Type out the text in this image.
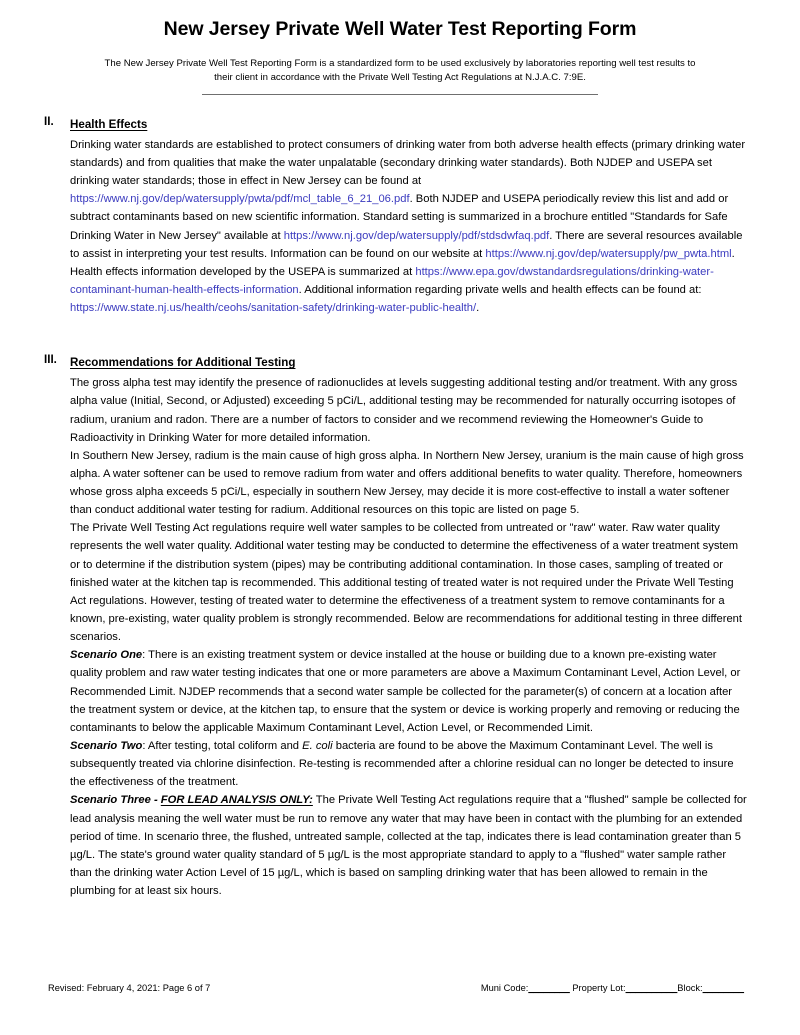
New Jersey Private Well Water Test Reporting Form

The New Jersey Private Well Test Reporting Form is a standardized form to be used exclusively by laboratories reporting well test results to their client in accordance with the Private Well Testing Act Regulations at N.J.A.C. 7:9E.

II. Health Effects

Drinking water standards are established to protect consumers of drinking water from both adverse health effects (primary drinking water standards) and from qualities that make the water unpalatable (secondary drinking water standards). Both NJDEP and USEPA set drinking water standards; those in effect in New Jersey can be found at https://www.nj.gov/dep/watersupply/pwta/pdf/mcl_table_6_21_06.pdf. Both NJDEP and USEPA periodically review this list and add or subtract contaminants based on new scientific information. Standard setting is summarized in a brochure entitled "Standards for Safe Drinking Water in New Jersey" available at https://www.nj.gov/dep/watersupply/pdf/stdsdwfaq.pdf. There are several resources available to assist in interpreting your test results. Information can be found on our website at https://www.nj.gov/dep/watersupply/pw_pwta.html. Health effects information developed by the USEPA is summarized at https://www.epa.gov/dwstandardsregulations/drinking-water-contaminant-human-health-effects-information. Additional information regarding private wells and health effects can be found at: https://www.state.nj.us/health/ceohs/sanitation-safety/drinking-water-public-health/.

III. Recommendations for Additional Testing

The gross alpha test may identify the presence of radionuclides at levels suggesting additional testing and/or treatment. With any gross alpha value (Initial, Second, or Adjusted) exceeding 5 pCi/L, additional testing may be recommended for naturally occurring isotopes of radium, uranium and radon. There are a number of factors to consider and we recommend reviewing the Homeowner's Guide to Radioactivity in Drinking Water for more detailed information.

In Southern New Jersey, radium is the main cause of high gross alpha. In Northern New Jersey, uranium is the main cause of high gross alpha. A water softener can be used to remove radium from water and offers additional benefits to water quality. Therefore, homeowners whose gross alpha exceeds 5 pCi/L, especially in southern New Jersey, may decide it is more cost-effective to install a water softener than conduct additional water testing for radium. Additional resources on this topic are listed on page 5.

The Private Well Testing Act regulations require well water samples to be collected from untreated or "raw" water. Raw water quality represents the well water quality. Additional water testing may be conducted to determine the effectiveness of a water treatment system or to determine if the distribution system (pipes) may be contributing additional contamination. In those cases, sampling of treated or finished water at the kitchen tap is recommended. This additional testing of treated water is not required under the Private Well Testing Act regulations. However, testing of treated water to determine the effectiveness of a treatment system to remove contaminants for a known, pre-existing, water quality problem is strongly recommended. Below are recommendations for additional testing in three different scenarios.

Scenario One: There is an existing treatment system or device installed at the house or building due to a known pre-existing water quality problem and raw water testing indicates that one or more parameters are above a Maximum Contaminant Level, Action Level, or Recommended Limit. NJDEP recommends that a second water sample be collected for the parameter(s) of concern at a location after the treatment system or device, at the kitchen tap, to ensure that the system or device is working properly and removing or reducing the contaminants to below the applicable Maximum Contaminant Level, Action Level, or Recommended Limit.

Scenario Two: After testing, total coliform and E. coli bacteria are found to be above the Maximum Contaminant Level. The well is subsequently treated via chlorine disinfection. Re-testing is recommended after a chlorine residual can no longer be detected to insure the effectiveness of the treatment.

Scenario Three - FOR LEAD ANALYSIS ONLY: The Private Well Testing Act regulations require that a "flushed" sample be collected for lead analysis meaning the well water must be run to remove any water that may have been in contact with the plumbing for an extended period of time. In scenario three, the flushed, untreated sample, collected at the tap, indicates there is lead contamination greater than 5 µg/L. The state's ground water quality standard of 5 µg/L is the most appropriate standard to apply to a "flushed" water sample rather than the drinking water Action Level of 15 µg/L, which is based on sampling drinking water that has been allowed to remain in the plumbing for at least six hours.

Revised: February 4, 2021: Page 6 of 7	Muni Code:________ Property Lot:__________Block:________
